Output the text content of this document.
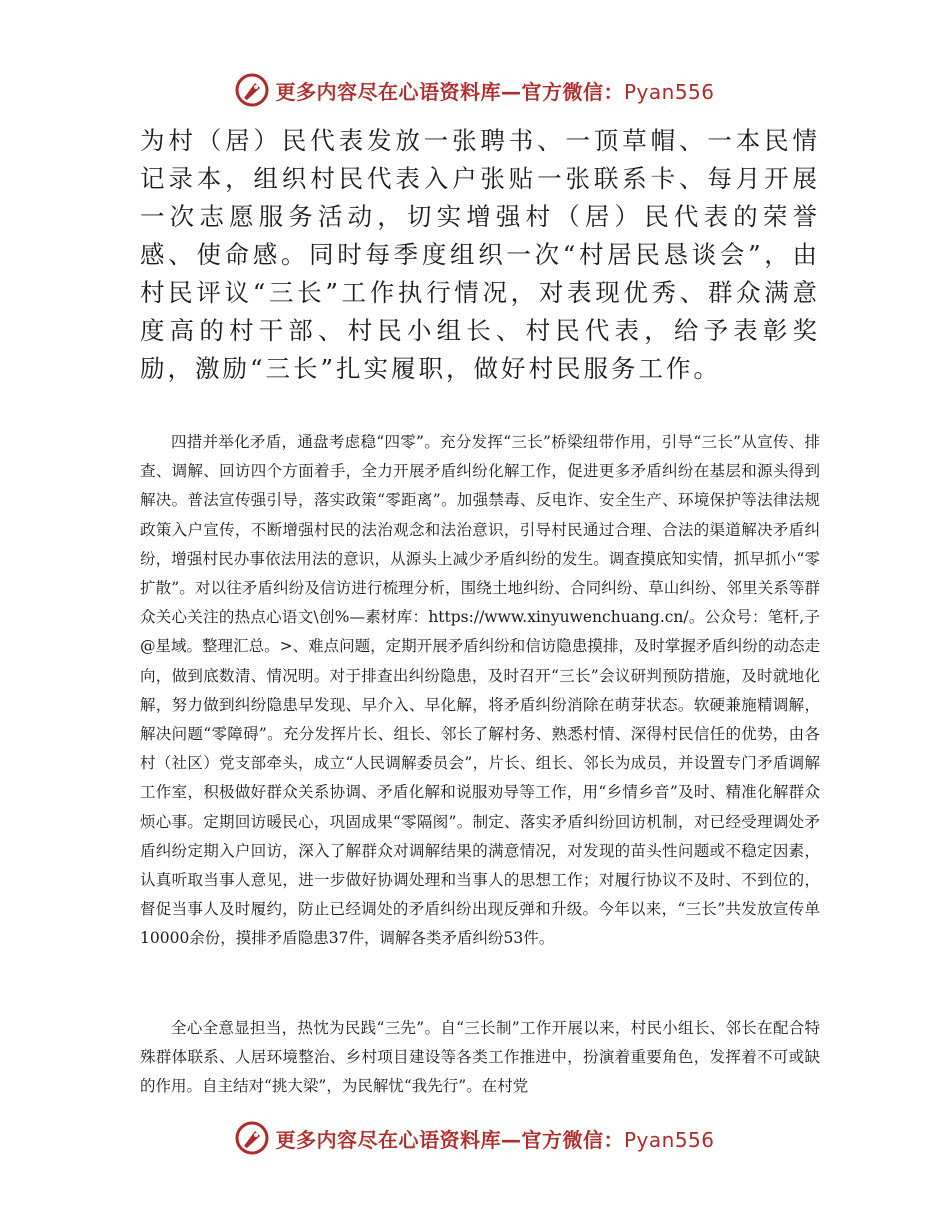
更多内容尽在心语资料库—官方微信：Pyan556

为村（居）民代表发放一张聘书、一顶草帽、一本民情记录本，组织村民代表入户张贴一张联系卡、每月开展一次志愿服务活动，切实增强村（居）民代表的荣誉感、使命感。同时每季度组织一次“村居民恳谈会”，由村民评议“三长”工作执行情况，对表现优秀、群众满意度高的村干部、村民小组长、村民代表，给予表彰奖励，激励“三长”扎实履职，做好村民服务工作。

四措并举化矛盾，通盘考虑稳“四零”。充分发挥“三长”桥梁纽带作用，引导“三长”从宣传、排查、调解、回访四个方面着手，全力开展矛盾纠纷化解工作，促进更多矛盾纠纷在基层和源头得到解决。普法宣传强引导，落实政策“零距离”。加强禁毒、反电诈、安全生产、环境保护等法律法规政策入户宣传，不断增强村民的法治观念和法治意识，引导村民通过合理、合法的渠道解决矛盾纠纷，增强村民办事依法用法的意识，从源头上减少矛盾纠纷的发生。调查摸底知实情，抓早抓小“零扩散”。对以往矛盾纠纷及信访进行梳理分析，围绕土地纠纷、合同纠纷、草山纠纷、邻里关系等群众关心关注的热点心语文\创%—素材库：https://www.xinyuwenchuang.cn/。公众号：笔杆,子@星域。整理汇总。>、难点问题，定期开展矛盾纠纷和信访隐患摸排，及时掌握矛盾纠纷的动态走向，做到底数清、情况明。对于排查出纠纷隐患，及时召开“三长”会议研判预防措施，及时就地化解，努力做到纠纷隐患早发现、早介入、早化解，将矛盾纠纷消除在萌芽状态。软硬兼施精调解，解决问题“零障碍”。充分发挥片长、组长、邻长了解村务、熟悉村情、深得村民信任的优势，由各村（社区）党支部牵头，成立“人民调解委员会”，片长、组长、邻长为成员，并设置专门矛盾调解工作室，积极做好群众关系协调、矛盾化解和说服劝导等工作，用“乡情乡音”及时、精准化解群众烦心事。定期回访暖民心，巩固成果“零隔阂”。制定、落实矛盾纠纷回访机制，对已经受理调处矛盾纠纷定期入户回访，深入了解群众对调解结果的满意情况，对发现的苗头性问题或不稳定因素，认真听取当事人意见，进一步做好协调处理和当事人的思想工作；对履行协议不及时、不到位的，督促当事人及时履约，防止已经调处的矛盾纠纷出现反弹和升级。今年以来，“三长”共发放宣传单10000余份，摸排矛盾隐患37件，调解各类矛盾纠纷53件。

全心全意显担当，热忱为民践“三先”。自“三长制”工作开展以来，村民小组长、邻长在配合特殊群体联系、人居环境整治、乡村项目建设等各类工作推进中，扮演着重要角色，发挥着不可或缺的作用。自主结对“挑大梁”，为民解忧“我先行”。在村党

更多内容尽在心语资料库—官方微信：Pyan556
